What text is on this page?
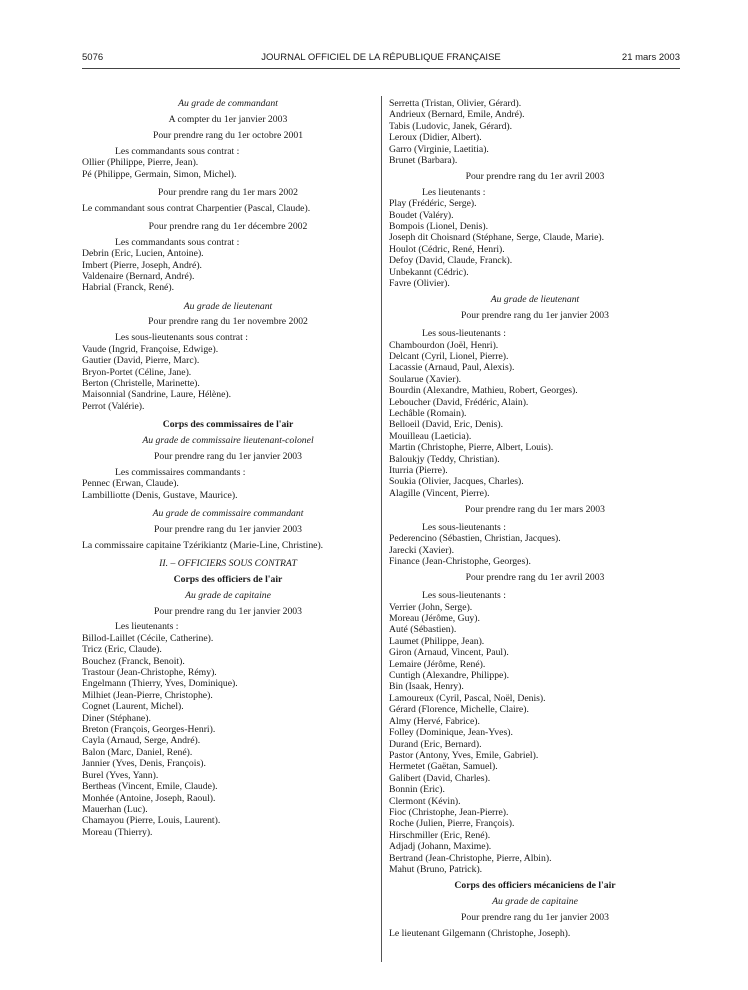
5076	JOURNAL OFFICIEL DE LA RÉPUBLIQUE FRANÇAISE	21 mars 2003
Au grade de commandant
A compter du 1er janvier 2003
Pour prendre rang du 1er octobre 2001
Les commandants sous contrat :
Ollier (Philippe, Pierre, Jean).
Pé (Philippe, Germain, Simon, Michel).
Pour prendre rang du 1er mars 2002
Le commandant sous contrat Charpentier (Pascal, Claude).
Pour prendre rang du 1er décembre 2002
Les commandants sous contrat :
Debrin (Eric, Lucien, Antoine).
Imbert (Pierre, Joseph, André).
Valdenaire (Bernard, André).
Habrial (Franck, René).
Au grade de lieutenant
Pour prendre rang du 1er novembre 2002
Les sous-lieutenants sous contrat :
Vaude (Ingrid, Françoise, Edwige).
Gautier (David, Pierre, Marc).
Bryon-Portet (Céline, Jane).
Berton (Christelle, Marinette).
Maisonnial (Sandrine, Laure, Hélène).
Perrot (Valérie).
Corps des commissaires de l'air
Au grade de commissaire lieutenant-colonel
Pour prendre rang du 1er janvier 2003
Les commissaires commandants :
Pennec (Erwan, Claude).
Lambilliotte (Denis, Gustave, Maurice).
Au grade de commissaire commandant
Pour prendre rang du 1er janvier 2003
La commissaire capitaine Tzérikiantz (Marie-Line, Christine).
II. – OFFICIERS SOUS CONTRAT
Corps des officiers de l'air
Au grade de capitaine
Pour prendre rang du 1er janvier 2003
Les lieutenants :
Billod-Laillet (Cécile, Catherine).
Tricz (Eric, Claude).
Bouchez (Franck, Benoit).
Trastour (Jean-Christophe, Rémy).
Engelmann (Thierry, Yves, Dominique).
Milhiet (Jean-Pierre, Christophe).
Cognet (Laurent, Michel).
Diner (Stéphane).
Breton (François, Georges-Henri).
Cayla (Arnaud, Serge, André).
Balon (Marc, Daniel, René).
Jannier (Yves, Denis, François).
Burel (Yves, Yann).
Bertheas (Vincent, Emile, Claude).
Monhée (Antoine, Joseph, Raoul).
Mauerhan (Luc).
Chamayou (Pierre, Louis, Laurent).
Moreau (Thierry).
Serretta (Tristan, Olivier, Gérard).
Andrieux (Bernard, Emile, André).
Tabis (Ludovic, Janek, Gérard).
Leroux (Didier, Albert).
Garro (Virginie, Laetitia).
Brunet (Barbara).
Pour prendre rang du 1er avril 2003
Les lieutenants :
Play (Frédéric, Serge).
Boudet (Valéry).
Bompois (Lionel, Denis).
Joseph dit Choisnard (Stéphane, Serge, Claude, Marie).
Houlot (Cédric, René, Henri).
Defoy (David, Claude, Franck).
Unbekannt (Cédric).
Favre (Olivier).
Au grade de lieutenant
Pour prendre rang du 1er janvier 2003
Les sous-lieutenants :
Chambourdon (Joël, Henri).
Delcant (Cyril, Lionel, Pierre).
Lacassie (Arnaud, Paul, Alexis).
Soularue (Xavier).
Bourdin (Alexandre, Mathieu, Robert, Georges).
Leboucher (David, Frédéric, Alain).
Lechâble (Romain).
Belloeil (David, Eric, Denis).
Mouilleau (Laeticia).
Martin (Christophe, Pierre, Albert, Louis).
Baloukjy (Teddy, Christian).
Iturria (Pierre).
Soukia (Olivier, Jacques, Charles).
Alagille (Vincent, Pierre).
Pour prendre rang du 1er mars 2003
Les sous-lieutenants :
Pederencino (Sébastien, Christian, Jacques).
Jarecki (Xavier).
Finance (Jean-Christophe, Georges).
Pour prendre rang du 1er avril 2003
Les sous-lieutenants :
Verrier (John, Serge).
Moreau (Jérôme, Guy).
Auté (Sébastien).
Laumet (Philippe, Jean).
Giron (Arnaud, Vincent, Paul).
Lemaire (Jérôme, René).
Cuntigh (Alexandre, Philippe).
Bin (Isaak, Henry).
Lamoureux (Cyril, Pascal, Noël, Denis).
Gérard (Florence, Michelle, Claire).
Almy (Hervé, Fabrice).
Folley (Dominique, Jean-Yves).
Durand (Eric, Bernard).
Pastor (Antony, Yves, Emile, Gabriel).
Hermetet (Gaëtan, Samuel).
Galibert (David, Charles).
Bonnin (Eric).
Clermont (Kévin).
Fioc (Christophe, Jean-Pierre).
Roche (Julien, Pierre, François).
Hirschmiller (Eric, René).
Adjadj (Johann, Maxime).
Bertrand (Jean-Christophe, Pierre, Albin).
Mahut (Bruno, Patrick).
Corps des officiers mécaniciens de l'air
Au grade de capitaine
Pour prendre rang du 1er janvier 2003
Le lieutenant Gilgemann (Christophe, Joseph).
